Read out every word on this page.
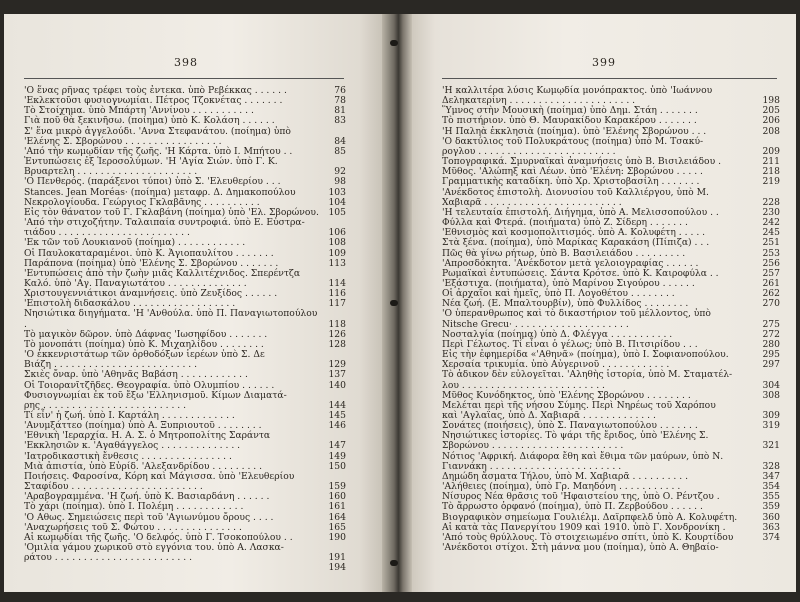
398
'Ο ἕνας ρῆνας τρέφει τοὺς ἐντεκα. ὑπὸ Ρεβέκκας . . . . . .	76
'Εκλεκτοῦσι φυσιογνωμίαι. Πέτρος Τζοκνέτας . . . . . . .	78
Τὸ Στοίχημα. ὑπὸ Μπάρτη 'Αννίνου . . . . . . . . . . .	81
Γιὰ ποῦ θὰ ξεκινῆσω. (ποίημα) ὑπὸ Κ. Κολάση . . . . . .	83
Σ' ἕνα μικρὸ ἀγγελούδι. 'Αννα Στεφανάτου. (ποίημα) ὑπὸ
'Ελένης Σ. Σβορώνου . . . . . . . . . . . . . . . . .	84
'Από τὴν κωμῳδίαν τῆς ζωῆς. 'Η Κάρτα. ὑπὸ Ι. Μπήτου . .	85
Ἐντυπώσεις ἐξ Ἱεροσολύμων. 'Η 'Αγία Σιών. ὑπὸ Γ. Κ.
Βρυαρτελη . . . . . . . . . . . . . . . . . . . . .	92
'Ο Πενθερός. (παράξενοι τύποι) ὑπὸ Σ. 'Ελευθερίου . . .	98
Stances. Jean Moréas· (ποίημα) μεταφρ. Δ. Δημακοπούλου	103
Νεκρολογίουδα. Γεώργιος Γκλαβᾶνης . . . . . . . . . .	104
Εἰς τὸν θάνατον τοῦ Γ. Γκλαβάνη (ποίημα) ὑπὸ 'Ελ. Σβορώνου.	105
'Από τὴν στιχοζήτην. Ταλαιπαία συντροφιά. ὑπὸ Ε. Εὐστρα-
τιάδου . . . . . . . . . . . . . . . . . . . . . . .	106
'Εκ τῶν τοῦ Λουκιανοῦ (ποίημα) . . . . . . . . . . . .	108
Οἱ Παυλοκαταραμένοι. ὑπὸ Κ. Ἀγιοπαυλίτου . . . . . . .	109
Παράπονα (ποίημα) ὑπὸ 'Ελένης Σ. Σβορώνου . . . . . . .	113
'Εντυπώσεις ἀπὸ τὴν ζωὴν μιᾶς Καλλιτέχνιδος. Σπερέντζα
Καλό. ὑπὸ 'Αγ. Παναγιωτάτου . . . . . . . . . . . . . .	114
Χριστουγεννιάτικοι ἀναμνήσεις. ὑπὸ Ζευξίδος . . . . . .	116
'Επιστολὴ διδασκάλου . . . . . . . . . . . . . . . . . .	117
Νησιώτικα διηγήματα. 'Η 'Ανθούλα. ὑπὸ Π. Παναγιωτοπούλου .	118
Τὸ μαγικὸν δῶρον. ὑπὸ Δάφνας 'Ιωσηφίδου . . . . . . .	126
Τὸ μονοπάτι (ποίημα) ὑπὸ Κ. Μιχαηλίδου . . . . . . . .	128
'Ο ἐκκενριστάτωρ τῶν ὀρθοδόξων ἱερέων ὑπὸ Σ. Δε
Βιάζη . . . . . . . . . . . . . . . . . . . . . . . . .	129
Σκιὲς ὄναρ. ὑπὸ 'Αθηνᾶς Βαβάση . . . . . . . . . . . .	137
Οἱ Τοιορανῖτζῆδες. Θεογραφία. ὑπὸ Ολυμπίου . . . . . .	140
Φυσιογνωμίαι ἐκ τοῦ ἔξω 'Ελληνισμοῦ. Κίμων Διαματά-
ρης . . . . . . . . . . . . . . . . . . . . . . . . .	144
Τί εἶν' ἡ ζωή. ὑπὸ Ι. Καρτάλη . . . . . . . . . . . . .	145
'Ανυμξάττεο (ποίημα) ὑπὸ Α. Ξυπριουτοῦ . . . . . . . .	146
'Εθνικὴ 'Ιεραρχία. Η. Α. Σ. ὁ Μητροπολίτης Σαράντα
'Εκκλησιῶν κ. 'Αγαθάγγελος . . . . . . . . . . . . . .	147
'Ιατροδικαστικὴ ἔνθεσις . . . . . . . . . . . . . . . .	149
Μιὰ ἀπιστία, ὑπὸ Εὐρίδ. 'Αλεξανδρίδου . . . . . . . . .	150
Ποιήσεις. Φαροσίνα, Κόρη καὶ Μάγισσα. ὑπὸ 'Ελευθερίου
Σταφίδου . . . . . . . . . . . . . . . . . . . . . . .	159
'Αραβογραμμένα. 'Η ζωή. ὑπὸ Κ. Βασιαρδάνη . . . . . .	160
Τὸ χάρι (ποίημα). ὑπὸ Ι. Πολέμη . . . . . . . . . . . .	161
'Ο Αθως. Σημειώσεις περὶ τοῦ 'Αγιωνύμου ὄρους . . . .	164
'Αναχωρήσεις τοῦ Σ. Φώτου . . . . . . . . . . . . . . .	165
Αἱ κωμῳδίαι τῆς ζωῆς. 'Ο δελφός. ὑπὸ Γ. Τσοκοπούλου . .	190
'Ομιλία γάμου χωρικοῦ στὸ εγγόνια του. ὑπὸ Α. Λασκα-
ράτου . . . . . . . . . . . . . . . . . . . . . . . .	191
194
399
'Η καλλιτέρα λύσις Κωμῳδία μονόπρακτος. ὑπὸ 'Ιωάννου
Δεληκατερίνη . . . . . . . . . . . . . . . . . . . . . .	198
Ὕμνος στὴν Μουσικὴ (ποίημα) ὑπὸ Δημ. Στάη . . . . . . .	205
Τὸ πιστήριον. ὑπὸ Θ. Μαυρακίδου Καρακέρου . . . . . . .	206
'Η Παληὰ ἐκκλησιὰ (ποίημα). ὑπὸ 'Ελένης Σβορώνου . . .	208
'Ο δακτύλιος τοῦ Πολυκράτους (ποίημα) ὑπὸ Μ. Τσακύ-
ρογλου . . . . . . . . . . . . . . . . . . . . . . . .	209
Τοπογραφικά. Σμυρναϊκαὶ ἀναμνήσεις ὑπὸ Β. Βισιλειάδου .	211
Μῦθος. 'Αλώπηξ καὶ Λέων. ὑπὸ 'Ελένη: Σβορώνου . . . . .	218
Γραμματικὴς καταδίκη. ὑπὸ Χρ. Χριστοβασίλη . . . . . . .	219
'Ανέκδοτος ἐπιστολὴ. Διονυσίου τοῦ Καλλιέργου, ὑπὸ Μ.
Χαβιαρᾶ . . . . . . . . . . . . . . . . . . . . . . . .	228
'Η τελευταία ἐπιστολή. Διήγημα, ὑπὸ Α. Μελισσοπούλου . .	230
Φύλλα καὶ Φτερά. (ποιήματα) ὑπὸ Ζ. Σίδερη . . . . . . .	242
'Εθνισμὸς καὶ κοσμοπολιτισμός. ὑπὸ Α. Κολυφέτη . . . . .	245
Στὰ ξένα. (ποίημα), ὑπὸ Μαρίκας Καρακάση (Πίπιζα) . . .	251
Πῶς θὰ γίνω ρήτωρ, ὑπὸ Β. Βασιλειάδου . . . . . . . . .	253
'Απροσδόκητα. 'Ανέκδοτον μετὰ γελοιογραφίας . . . . . .	256
Ρωμαϊκαὶ ἐντυπώσεις. Σάντα Κρότσε. ὑπὸ Κ. Καιροφύλα . .	257
'Εξάστιχα. (ποιήματα), ὑπὸ Μαρίνου Σιγούρου . . . . . .	261
Οἱ ἀρχαῖοι καὶ ἡμεῖς, ὑπὸ Π. Λογοθέτου . . . . . . . .	262
Νέα ζωή. (Ε. Μπαλτουρβίν), ὑπὸ Φυλλίδος . . . . . . . .	270
'Ο ὑπερανθρωπος καὶ τὸ δικαστήριον τοῦ μέλλοντος, ὑπὸ
Nitsche Grecu· . . . . . . . . . . . . . . . . . . . .	275
Νοσταλγία (ποίημα) ὑπὸ Δ. Φλέγγα . . . . . . . . . . .	272
Περὶ Γέλωτος. Τί εἶναι ὁ γέλως; ὑπὸ Β. Πιτσιρίδου . . .	280
Εἰς τὴν ἐφημερίδα «'Αθηνᾶ» (ποίημα), ὑπὸ Ι. Σοφιανοπούλου.	295
Χερσαία τρικυμία. ὑπὸ Αὐγερινοῦ . . . . . . . . . . . .	297
Τὸ ἀδικον δὲν εὐλογεῖται. 'Αληθὴς ἱστορία, ὑπὸ Μ. Σταματέλ-
λου . . . . . . . . . . . . . . . . . . . . . . . . .	304
Μῦθος Κυνόδηκτος, ὑπὸ 'Ελένης Σβορώνου . . . . . . . .	308
Μελέται περὶ τῆς νήσου Σύμης. Περὶ Νηρέως τοῦ Χαρόπου
καὶ 'Αγλαΐας, ὑπὸ Δ. Χαβιαρᾶ . . . . . . . . . . . . .	309
Σονάτες (ποιήσεις), ὑπὸ Σ. Παναγιωτοπούλου . . . . . . .	319
Νησιώτικες ἱστορίες. Τὸ ψάρι τῆς ἔριδος, ὑπὸ 'Ελένης Σ.
Σβορώνου . . . . . . . . . . . . . . . . . . . . . . .	321
Νότιος 'Αφρική. Διάφορα ἔθη καὶ ἔθιμα τῶν μαύρων, ὑπὸ Ν.
Γιαννάκη . . . . . . . . . . . . . . . . . . . . . . .	328
Δημώδη ἄσματα Τήλου, ὑπὸ Μ. Χαβιαρᾶ . . . . . . . . . .	347
'Αλήθειες (ποίημα), ὑπὸ Γρ. Μαηδόνη . . . . . . . . . . .	354
Νίσυρος Νέα θρᾶσις τοῦ 'Ηφαιστείου της, ὑπὸ Ο. Ρέντζου .	355
Τὸ ἄρρωστο ὀρφανό (ποίημα), ὑπὸ Π. Ζερβούδου . . . . . .	359
Βιογραφικὸν σημείωμα Γουλιέλμ. Δαϊρπφελδ ὑπὸ Α. Κολυφέτη.	360
Αἱ κατὰ τὰς Πανεργίτου 1909 καὶ 1910. ὑπὸ Γ. Χονδρονίκη .	363
'Από τοὺς θρύλλους. Τὸ στοιχειωμένο σπίτι, ὑπὸ Κ. Κουρτίδου	374
'Ανέκδοτοι στίχοι. Στὴ μάννα μου (ποίημα), ὑπὸ Α. Θηβαίο-
